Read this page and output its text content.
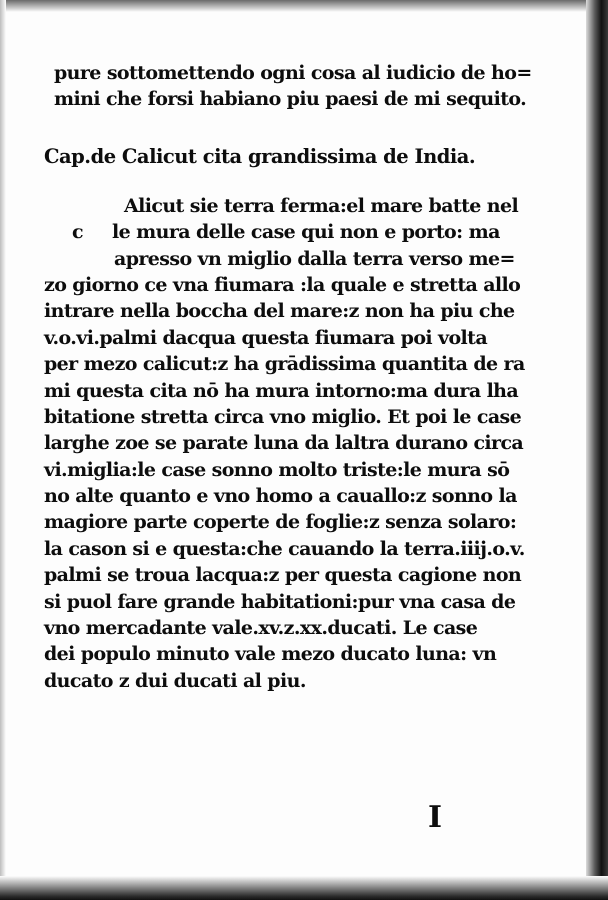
pure sottomettendo ogni cosa al iudicio de ho=
mini che forsi habiano piu paesi de mi sequito.
Cap.de Calicut cita grandissima de India.
Alicut sie terra ferma:el mare batte nel
c le mura delle case qui non e porto: ma
apresso vn miglio dalla terra verso me=
zo giorno ce vna fiumara :la quale e stretta allo
intrare nella boccha del mare:z non ha piu che
v.o.vi.palmi dacqua questa fiumara poi volta
per mezo calicut:z ha grādissima quantita de ra
mi questa cita nō ha mura intorno:ma dura lha
bitatione stretta circa vno miglio. Et poi le case
larghe zoe se parate luna da laltra durano circa
vi.miglia:le case sonno molto triste:le mura sō
no alte quanto e vno homo a cauallo:z sonno la
magiore parte coperte de foglie:z senza solaro:
la cason si e questa:che cauando la terra.iiij.o.v.
palmi se troua lacqua:z per questa cagione non
si puol fare grande habitationi:pur vna casa de
vno mercadante vale.xv.z.xx.ducati. Le case
dei populo minuto vale mezo ducato luna: vn
ducato z dui ducati al piu.
I
